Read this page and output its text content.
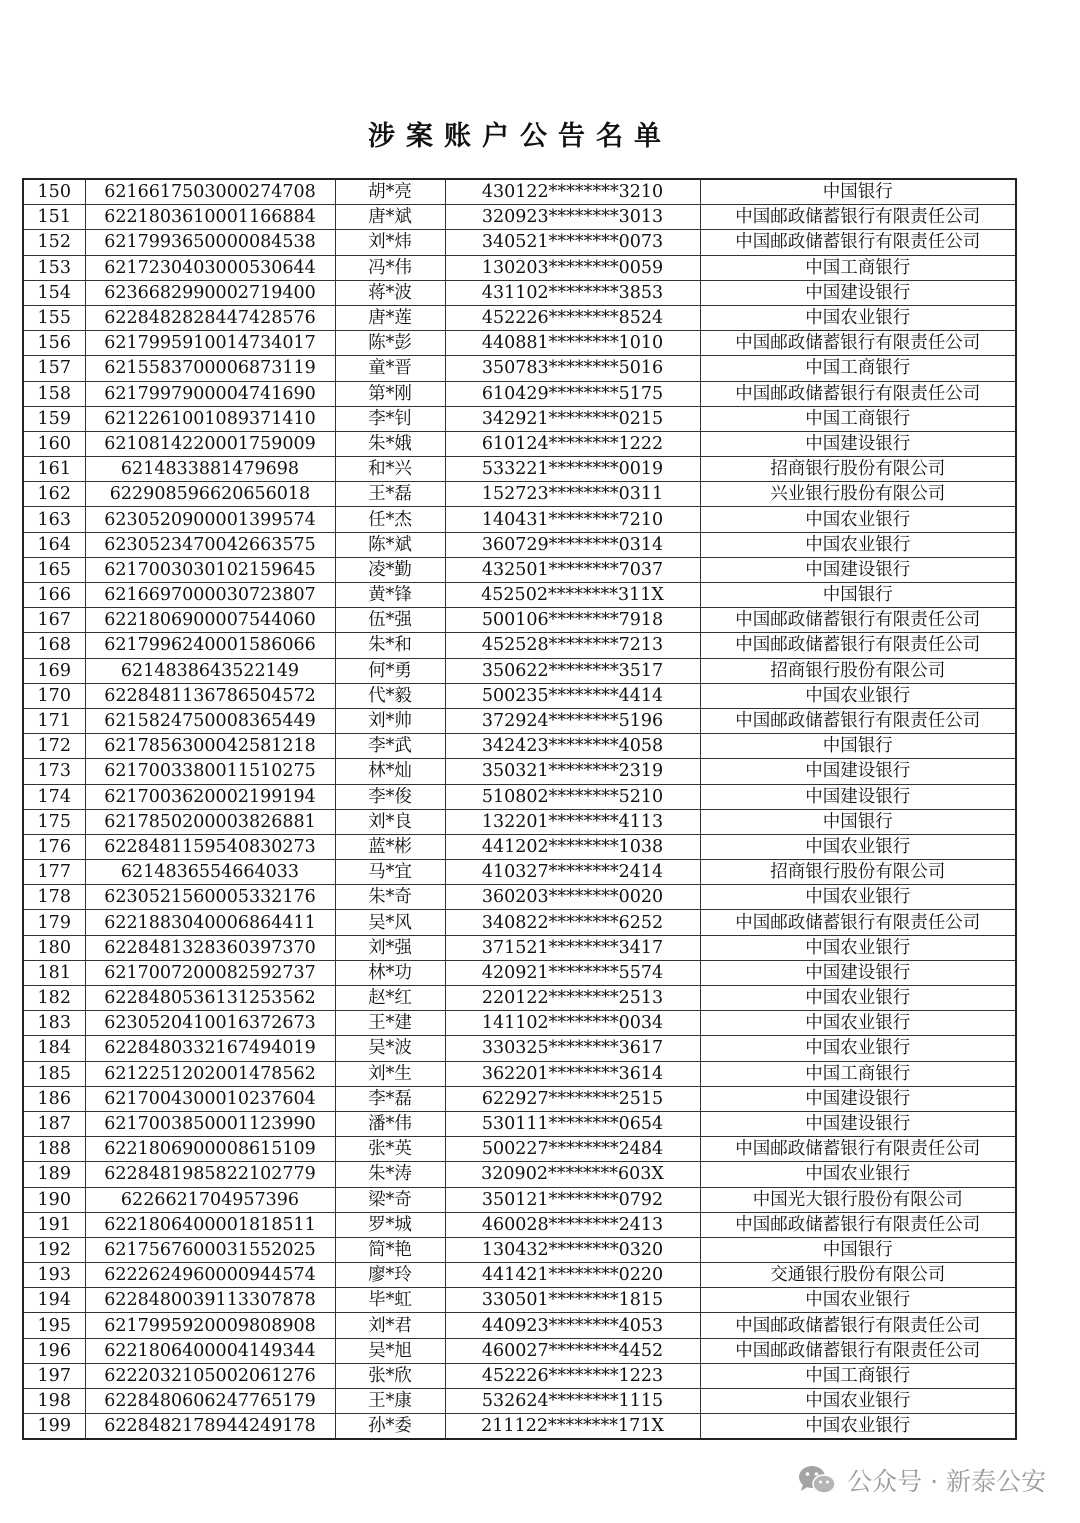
涉案账户公告名单
150	6216617503000274708	胡*亮	430122********3210	中国银行
151	6221803610001166884	唐*斌	320923********3013	中国邮政储蓄银行有限责任公司
152	6217993650000084538	刘*炜	340521********0073	中国邮政储蓄银行有限责任公司
153	6217230403000530644	冯*伟	130203********0059	中国工商银行
154	6236682990002719400	蒋*波	431102********3853	中国建设银行
155	6228482828447428576	唐*莲	452226********8524	中国农业银行
156	6217995910014734017	陈*彭	440881********1010	中国邮政储蓄银行有限责任公司
157	6215583700006873119	童*晋	350783********5016	中国工商银行
158	6217997900004741690	第*刚	610429********5175	中国邮政储蓄银行有限责任公司
159	6212261001089371410	李*钊	342921********0215	中国工商银行
160	6210814220001759009	朱*娥	610124********1222	中国建设银行
161	6214833881479698	和*兴	533221********0019	招商银行股份有限公司
162	622908596620656018	王*磊	152723********0311	兴业银行股份有限公司
163	6230520900001399574	任*杰	140431********7210	中国农业银行
164	6230523470042663575	陈*斌	360729********0314	中国农业银行
165	6217003030102159645	凌*勤	432501********7037	中国建设银行
166	6216697000030723807	黄*锋	452502********311X	中国银行
167	6221806900007544060	伍*强	500106********7918	中国邮政储蓄银行有限责任公司
168	6217996240001586066	朱*和	452528********7213	中国邮政储蓄银行有限责任公司
169	6214838643522149	何*勇	350622********3517	招商银行股份有限公司
170	6228481136786504572	代*毅	500235********4414	中国农业银行
171	6215824750008365449	刘*帅	372924********5196	中国邮政储蓄银行有限责任公司
172	6217856300042581218	李*武	342423********4058	中国银行
173	6217003380011510275	林*灿	350321********2319	中国建设银行
174	6217003620002199194	李*俊	510802********5210	中国建设银行
175	6217850200003826881	刘*良	132201********4113	中国银行
176	6228481159540830273	蓝*彬	441202********1038	中国农业银行
177	6214836554664033	马*宜	410327********2414	招商银行股份有限公司
178	6230521560005332176	朱*奇	360203********0020	中国农业银行
179	6221883040006864411	吴*风	340822********6252	中国邮政储蓄银行有限责任公司
180	6228481328360397370	刘*强	371521********3417	中国农业银行
181	6217007200082592737	林*功	420921********5574	中国建设银行
182	6228480536131253562	赵*红	220122********2513	中国农业银行
183	6230520410016372673	王*建	141102********0034	中国农业银行
184	6228480332167494019	吴*波	330325********3617	中国农业银行
185	6212251202001478562	刘*生	362201********3614	中国工商银行
186	6217004300010237604	李*磊	622927********2515	中国建设银行
187	6217003850001123990	潘*伟	530111********0654	中国建设银行
188	6221806900008615109	张*英	500227********2484	中国邮政储蓄银行有限责任公司
189	6228481985822102779	朱*涛	320902********603X	中国农业银行
190	6226621704957396	梁*奇	350121********0792	中国光大银行股份有限公司
191	6221806400001818511	罗*城	460028********2413	中国邮政储蓄银行有限责任公司
192	6217567600031552025	简*艳	130432********0320	中国银行
193	6222624960000944574	廖*玲	441421********0220	交通银行股份有限公司
194	6228480039113307878	毕*虹	330501********1815	中国农业银行
195	6217995920009808908	刘*君	440923********4053	中国邮政储蓄银行有限责任公司
196	6221806400004149344	吴*旭	460027********4452	中国邮政储蓄银行有限责任公司
197	6222032105002061276	张*欣	452226********1223	中国工商银行
198	6228480606247765179	王*康	532624********1115	中国农业银行
199	6228482178944249178	孙*委	211122********171X	中国农业银行
公众号 · 新泰公安
